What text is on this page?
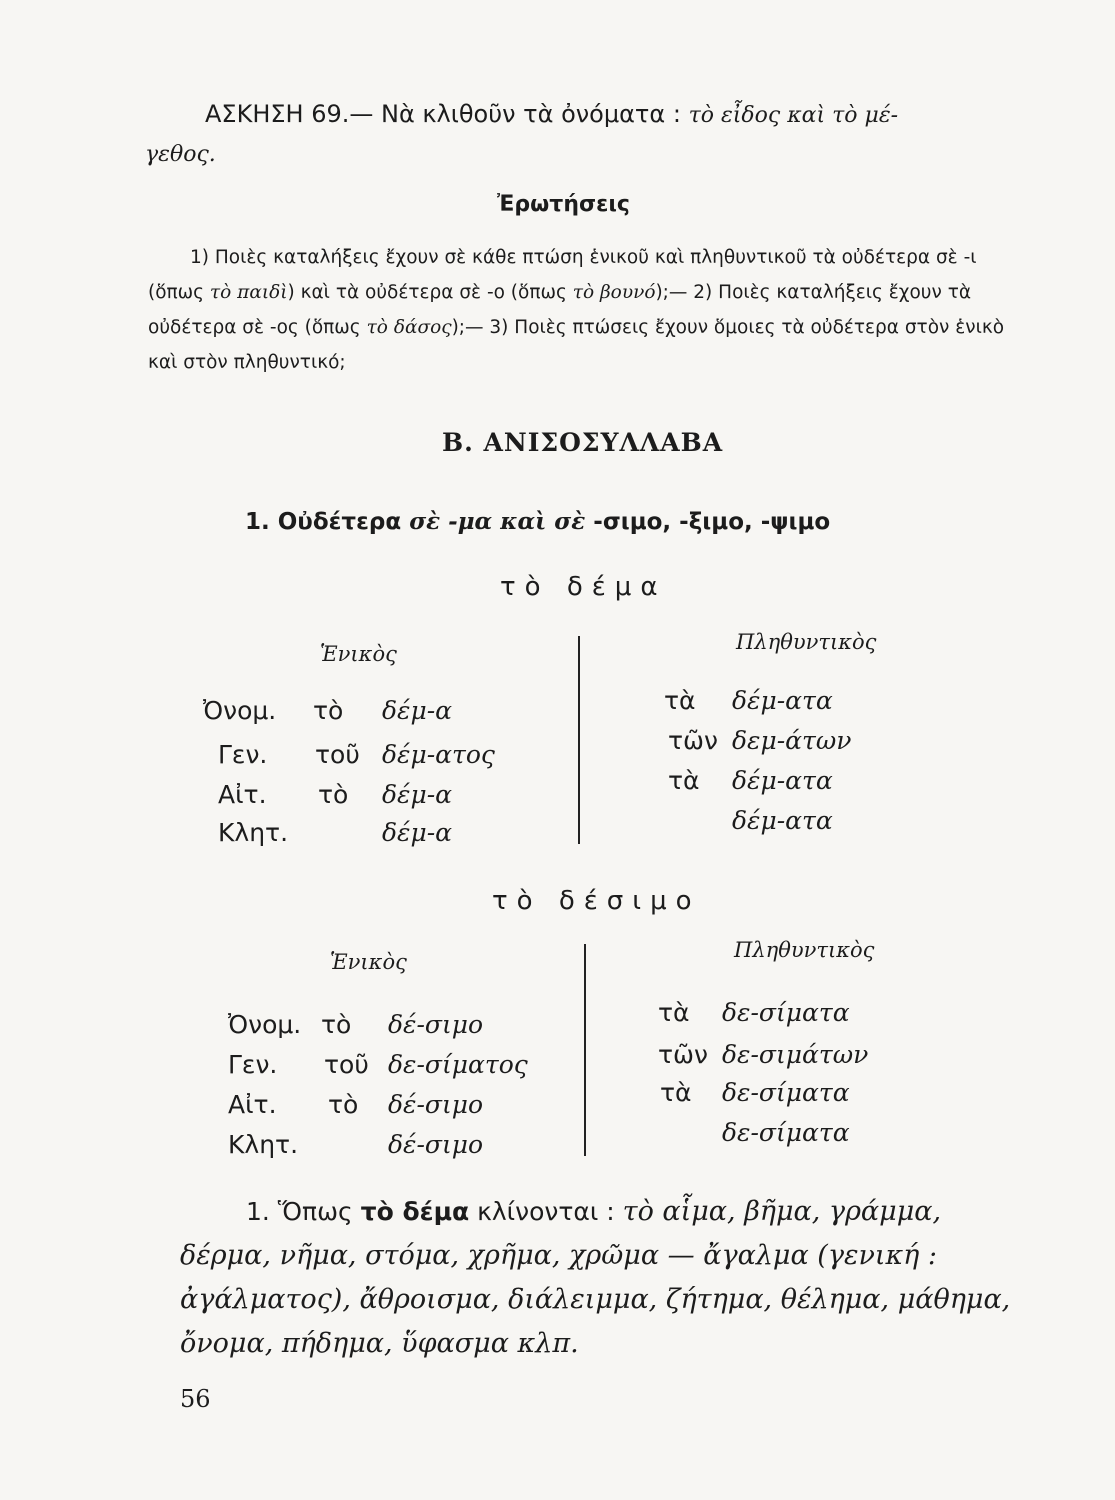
ΑΣΚΗΣΗ 69.— Νὰ κλιθοῦν τὰ ὀνόματα : τὸ εἶδος καὶ τὸ μέ-
γεθος.
Ἐρωτήσεις
1) Ποιὲς καταλήξεις ἔχουν σὲ κάθε πτώση ἑνικοῦ καὶ πληθυντικοῦ τὰ οὐδέτερα σὲ -ι (ὅπως τὸ παιδὶ) καὶ τὰ οὐδέτερα σὲ -ο (ὅπως τὸ βουνό);— 2) Ποιὲς καταλήξεις ἔχουν τὰ οὐδέτερα σὲ -ος (ὅπως τὸ δάσος);— 3) Ποιὲς πτώσεις ἔχουν ὅμοιες τὰ οὐδέτερα στὸν ἑνικὸ καὶ στὸν πληθυντικό;
Β. ΑΝΙΣΟΣΥΛΛΑΒΑ
1. Οὐδέτερα σὲ -μα καὶ σὲ -σιμο, -ξιμο, -ψιμο
τὸ δέμα
Ἑνικὸς	Πληθυντικὸς
Ὀνομ. τὸ δέμ-α	τὰ δέμ-ατα
Γεν. τοῦ δέμ-ατος	τῶν δεμ-άτων
Αἰτ. τὸ δέμ-α	τὰ δέμ-ατα
Κλητ.	δέμ-α	δέμ-ατα
τὸ δέσιμο
Ἑνικὸς	Πληθυντικὸς
Ὀνομ. τὸ δέ-σιμο	τὰ δε-σίματα
Γεν. τοῦ δε-σίματος	τῶν δε-σιμάτων
Αἰτ. τὸ δέ-σιμο	τὰ δε-σίματα
Κλητ.	δέ-σιμο	δε-σίματα
1. Ὅπως τὸ δέμα κλίνονται : τὸ αἷμα, βῆμα, γράμμα, δέρμα, νῆμα, στόμα, χρῆμα, χρῶμα — ἄγαλμα (γενική : ἀγάλματος), ἄθροισμα, διάλειμμα, ζήτημα, θέλημα, μάθημα, ὄνομα, πήδημα, ὕφασμα κλπ.
56
